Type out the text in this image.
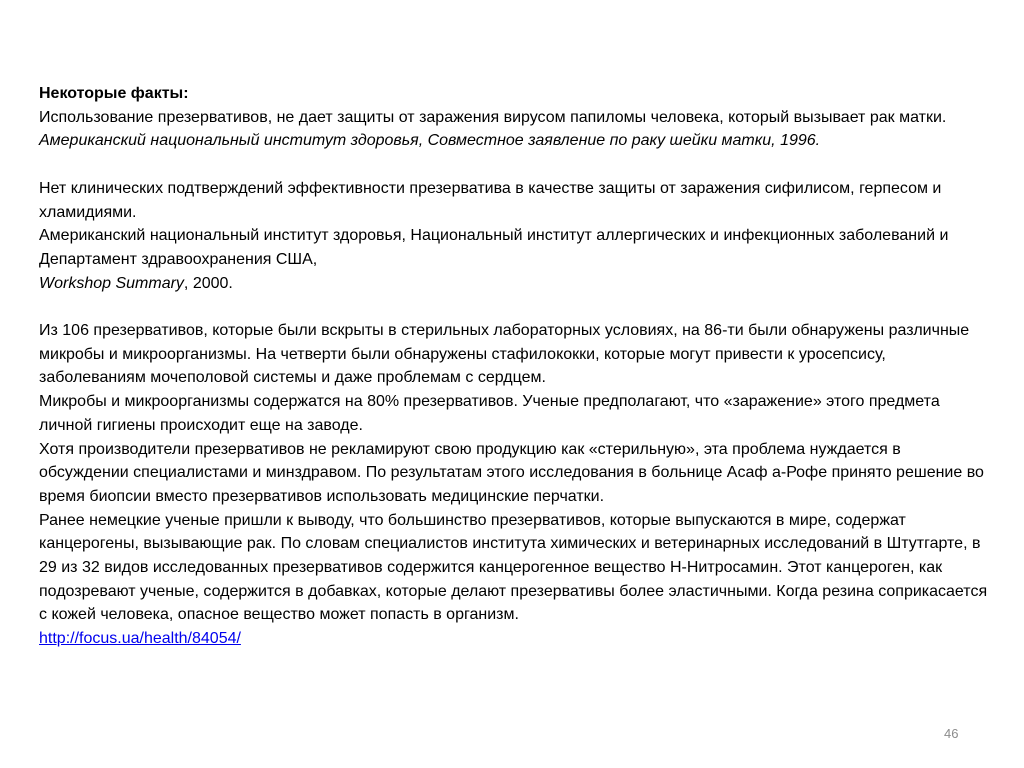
Некоторые факты:

Использование презервативов, не дает защиты от заражения вирусом папиломы человека, который вызывает рак матки.

Американский национальный институт здоровья, Совместное заявление по раку шейки матки, 1996.

Нет клинических подтверждений эффективности презерватива в качестве защиты от заражения сифилисом, герпесом и хламидиями.

Американский национальный институт здоровья, Национальный институт аллергических и инфекционных заболеваний и Департамент здравоохранения США,

Workshop Summary, 2000.

Из 106 презервативов, которые были вскрыты в стерильных лабораторных условиях, на 86-ти были обнаружены различные микробы и микроорганизмы. На четверти были обнаружены стафилококки, которые могут привести к уросепсису, заболеваниям мочеполовой системы и даже проблемам с сердцем.

Микробы и микроорганизмы содержатся на 80% презервативов. Ученые предполагают, что «заражение» этого предмета личной гигиены происходит еще на заводе.

Хотя производители презервативов не рекламируют свою продукцию как «стерильную», эта проблема нуждается в обсуждении специалистами и минздравом. По результатам этого исследования в больнице Асаф а-Рофе принято решение во время биопсии вместо презервативов использовать медицинские перчатки.

Ранее немецкие ученые пришли к выводу, что большинство презервативов, которые выпускаются в мире, содержат канцерогены, вызывающие рак. По словам специалистов института химических и ветеринарных исследований в Штутгарте, в 29 из 32 видов исследованных презервативов содержится канцерогенное вещество Н-Нитросамин. Этот канцероген, как подозревают ученые, содержится в добавках, которые делают презервативы более эластичными. Когда резина соприкасается с кожей человека, опасное вещество может попасть в организм.

http://focus.ua/health/84054/

46
